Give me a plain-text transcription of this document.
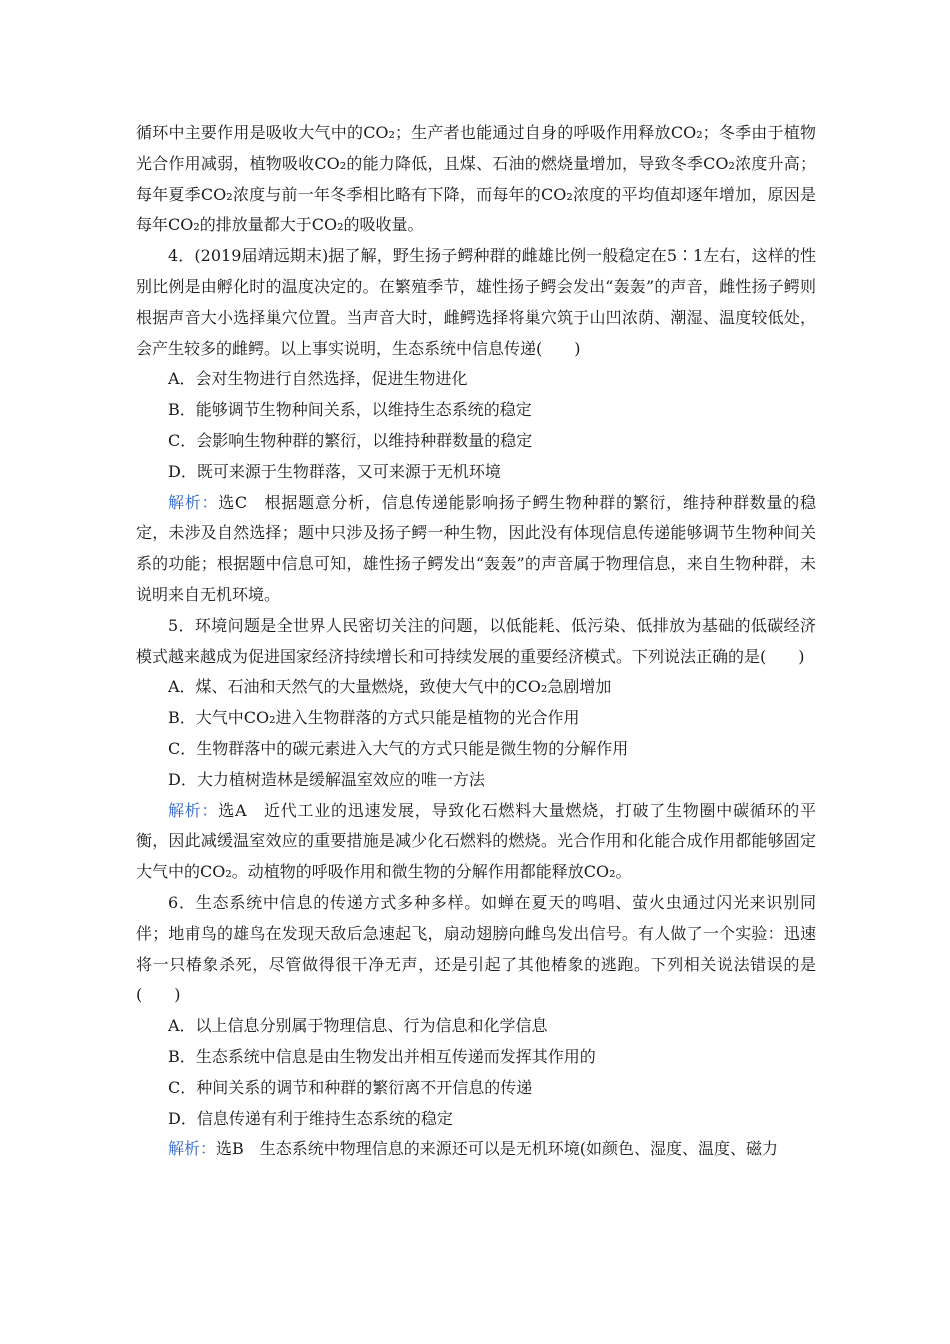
循环中主要作用是吸收大气中的CO₂；生产者也能通过自身的呼吸作用释放CO₂；冬季由于植物光合作用减弱，植物吸收CO₂的能力降低，且煤、石油的燃烧量增加，导致冬季CO₂浓度升高；每年夏季CO₂浓度与前一年冬季相比略有下降，而每年的CO₂浓度的平均值却逐年增加，原因是每年CO₂的排放量都大于CO₂的吸收量。

4．(2019届靖远期末)据了解，野生扬子鳄种群的雌雄比例一般稳定在5∶1左右，这样的性别比例是由孵化时的温度决定的。在繁殖季节，雄性扬子鳄会发出“轰轰”的声音，雌性扬子鳄则根据声音大小选择巢穴位置。当声音大时，雌鳄选择将巢穴筑于山凹浓荫、潮湿、温度较低处，会产生较多的雌鳄。以上事实说明，生态系统中信息传递(　　)

A．会对生物进行自然选择，促进生物进化

B．能够调节生物种间关系，以维持生态系统的稳定

C．会影响生物种群的繁衍，以维持种群数量的稳定

D．既可来源于生物群落，又可来源于无机环境

解析：选C　根据题意分析，信息传递能影响扬子鳄生物种群的繁衍，维持种群数量的稳定，未涉及自然选择；题中只涉及扬子鳄一种生物，因此没有体现信息传递能够调节生物种间关系的功能；根据题中信息可知，雄性扬子鳄发出“轰轰”的声音属于物理信息，来自生物种群，未说明来自无机环境。

5．环境问题是全世界人民密切关注的问题，以低能耗、低污染、低排放为基础的低碳经济模式越来越成为促进国家经济持续增长和可持续发展的重要经济模式。下列说法正确的是(　　)

A．煤、石油和天然气的大量燃烧，致使大气中的CO₂急剧增加

B．大气中CO₂进入生物群落的方式只能是植物的光合作用

C．生物群落中的碳元素进入大气的方式只能是微生物的分解作用

D．大力植树造林是缓解温室效应的唯一方法

解析：选A　近代工业的迅速发展，导致化石燃料大量燃烧，打破了生物圈中碳循环的平衡，因此减缓温室效应的重要措施是减少化石燃料的燃烧。光合作用和化能合成作用都能够固定大气中的CO₂。动植物的呼吸作用和微生物的分解作用都能释放CO₂。

6．生态系统中信息的传递方式多种多样。如蝉在夏天的鸣唱、萤火虫通过闪光来识别同伴；地甫鸟的雄鸟在发现天敌后急速起飞，扇动翅膀向雌鸟发出信号。有人做了一个实验：迅速将一只椿象杀死，尽管做得很干净无声，还是引起了其他椿象的逃跑。下列相关说法错误的是(　　)

A．以上信息分别属于物理信息、行为信息和化学信息

B．生态系统中信息是由生物发出并相互传递而发挥其作用的

C．种间关系的调节和种群的繁衍离不开信息的传递

D．信息传递有利于维持生态系统的稳定

解析：选B　生态系统中物理信息的来源还可以是无机环境(如颜色、湿度、温度、磁力
